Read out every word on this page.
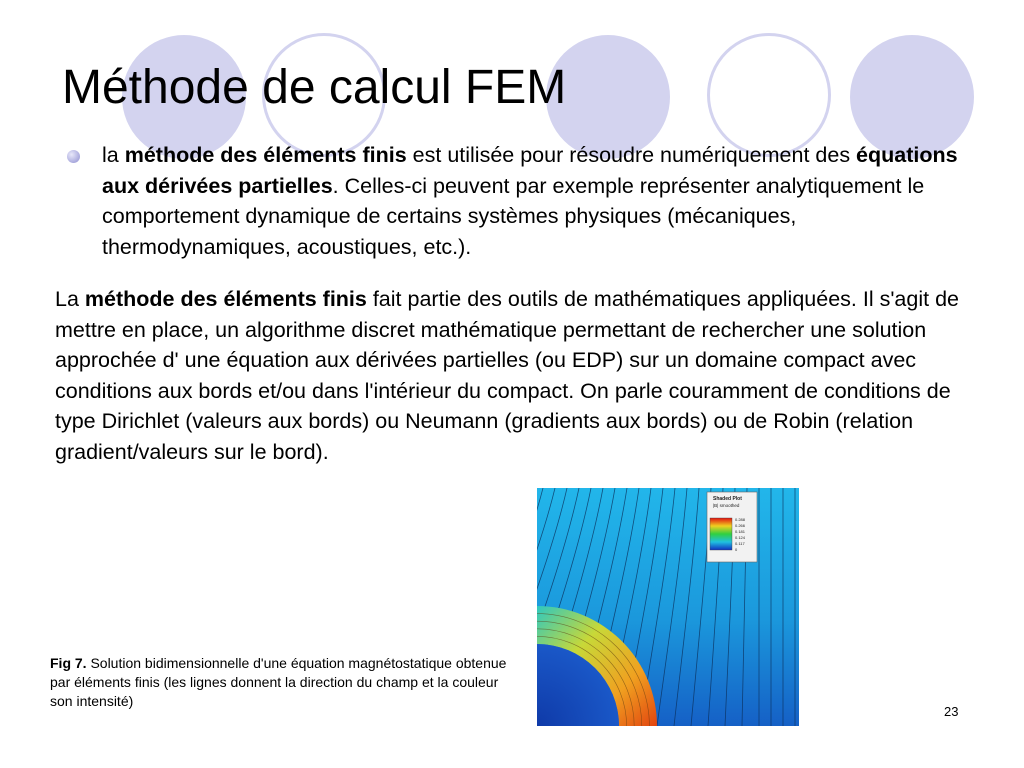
Méthode de calcul FEM

la méthode des éléments finis est utilisée pour résoudre numériquement des équations aux dérivées partielles. Celles-ci peuvent par exemple représenter analytiquement le comportement dynamique de certains systèmes physiques (mécaniques, thermodynamiques, acoustiques, etc.).

La méthode des éléments finis fait partie des outils de mathématiques appliquées. Il s'agit de mettre en place, un algorithme discret mathématique permettant de rechercher une solution approchée d' une équation aux dérivées partielles (ou EDP) sur un domaine compact avec conditions aux bords et/ou dans l'intérieur du compact. On parle couramment de conditions de type Dirichlet (valeurs aux bords) ou Neumann (gradients aux bords) ou de Robin (relation gradient/valeurs sur le bord).

Shaded Plot
|B| smoothed
0.288
0.266
0.181
0.124
0.117
0

Fig 7. Solution bidimensionnelle d'une équation magnétostatique obtenue par éléments finis (les lignes donnent la direction du champ et la couleur son intensité)

23
